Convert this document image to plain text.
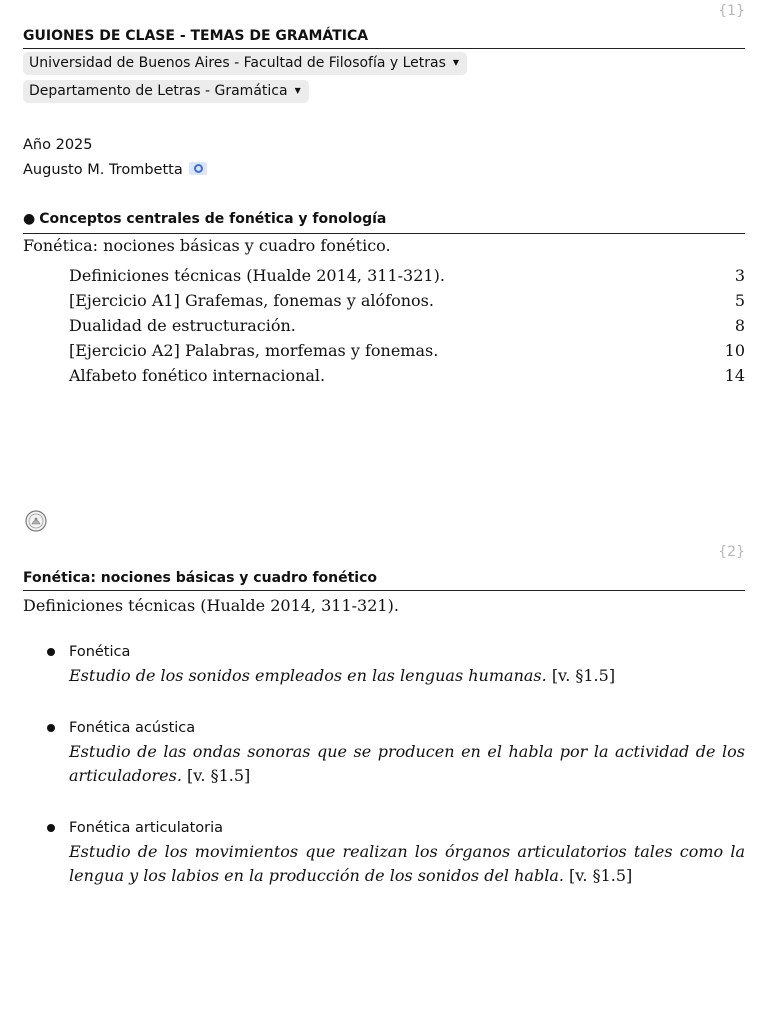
{1}
GUIONES DE CLASE - TEMAS DE GRAMÁTICA
Universidad de Buenos Aires - Facultad de Filosofía y Letras ▼
Departamento de Letras - Gramática ▼
Año 2025
Augusto M. Trombetta
● Conceptos centrales de fonética y fonología
Fonética: nociones básicas y cuadro fonético.
Definiciones técnicas (Hualde 2014, 311-321).	3
[Ejercicio A1] Grafemas, fonemas y alófonos.	5
Dualidad de estructuración.	8
[Ejercicio A2] Palabras, morfemas y fonemas.	10
Alfabeto fonético internacional.	14
{2}
Fonética: nociones básicas y cuadro fonético
Definiciones técnicas (Hualde 2014, 311-321).
Fonética
Estudio de los sonidos empleados en las lenguas humanas. [v. §1.5]
Fonética acústica
Estudio de las ondas sonoras que se producen en el habla por la actividad de los articuladores. [v. §1.5]
Fonética articulatoria
Estudio de los movimientos que realizan los órganos articulatorios tales como la lengua y los labios en la producción de los sonidos del habla. [v. §1.5]
